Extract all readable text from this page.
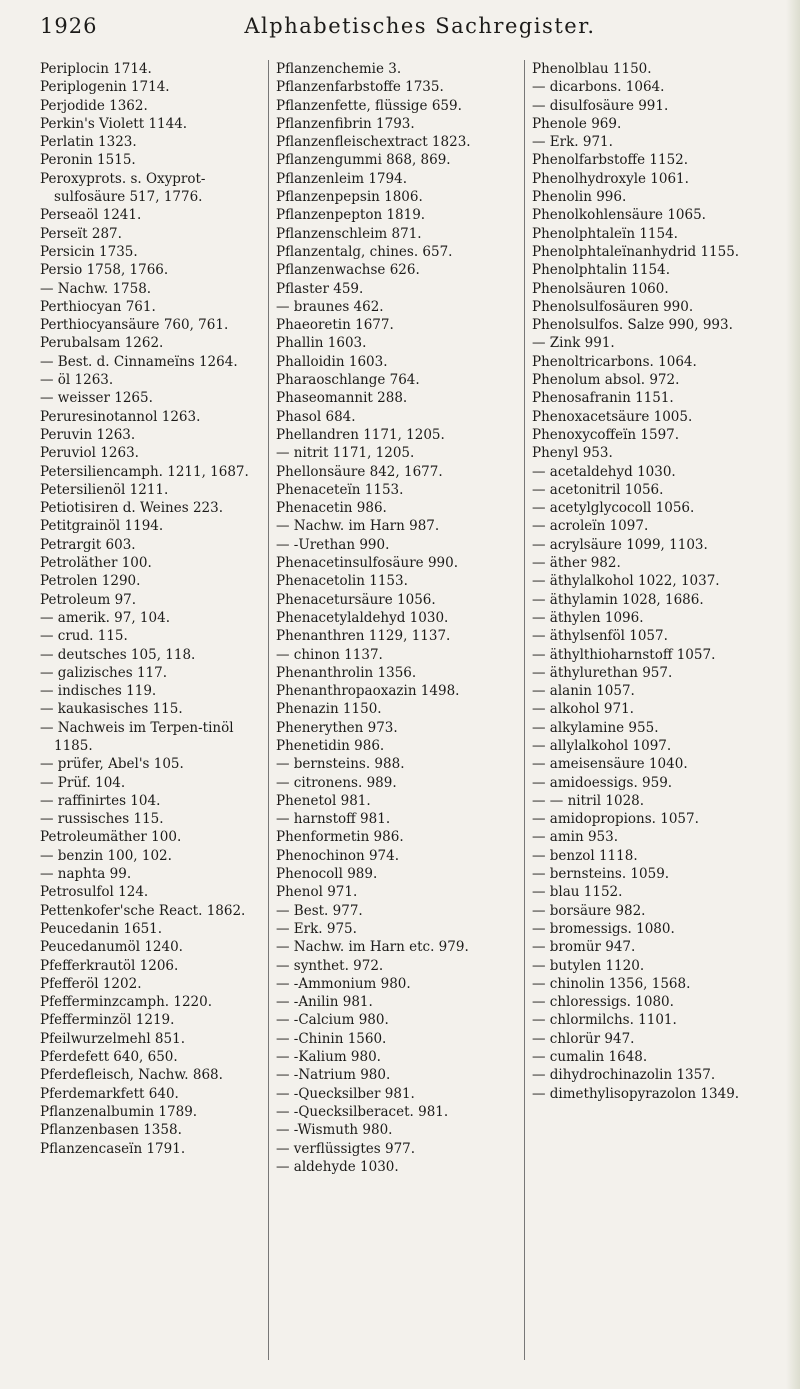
1926	Alphabetisches Sachregister.

Periplocin 1714.

Periplogenin 1714.

Perjodide 1362.

Perkin's Violett 1144.

Perlatin 1323.

Peronin 1515.

Peroxyprots. s. Oxyprot-sulfosäure 517, 1776.

Perseaöl 1241.

Perseït 287.

Persicin 1735.

Persio 1758, 1766.

— Nachw. 1758.

Perthiocyan 761.

Perthiocyansäure 760, 761.

Perubalsam 1262.

— Best. d. Cinnameïns 1264.

— öl 1263.

— weisser 1265.

Peruresinotannol 1263.

Peruvin 1263.

Peruviol 1263.

Petersiliencamph. 1211, 1687.

Petersilienöl 1211.

Petiotisiren d. Weines 223.

Petitgrainöl 1194.

Petrargit 603.

Petroläther 100.

Petrolen 1290.

Petroleum 97.

— amerik. 97, 104.

— crud. 115.

— deutsches 105, 118.

— galizisches 117.

— indisches 119.

— kaukasisches 115.

— Nachweis im Terpen-tinöl 1185.

— prüfer, Abel's 105.

— Prüf. 104.

— raffinirtes 104.

— russisches 115.

Petroleumäther 100.

— benzin 100, 102.

— naphta 99.

Petrosulfol 124.

Pettenkofer'sche React. 1862.

Peucedanin 1651.

Peucedanumöl 1240.

Pfefferkrautöl 1206.

Pfefferöl 1202.

Pfefferminzcamph. 1220.

Pfefferminzöl 1219.

Pfeilwurzelmehl 851.

Pferdefett 640, 650.

Pferdefleisch, Nachw. 868.

Pferdemarkfett 640.

Pflanzenalbumin 1789.

Pflanzenbasen 1358.

Pflanzencaseïn 1791.

Pflanzenchemie 3.

Pflanzenfarbstoffe 1735.

Pflanzenfette, flüssige 659.

Pflanzenfibrin 1793.

Pflanzenfleischextract 1823.

Pflanzengummi 868, 869.

Pflanzenleim 1794.

Pflanzenpepsin 1806.

Pflanzenpepton 1819.

Pflanzenschleim 871.

Pflanzentalg, chines. 657.

Pflanzenwachse 626.

Pflaster 459.

— braunes 462.

Phaeoretin 1677.

Phallin 1603.

Phalloidin 1603.

Pharaoschlange 764.

Phaseomannit 288.

Phasol 684.

Phellandren 1171, 1205.

— nitrit 1171, 1205.

Phellonsäure 842, 1677.

Phenaceteïn 1153.

Phenacetin 986.

— Nachw. im Harn 987.

— -Urethan 990.

Phenacetinsulfosäure 990.

Phenacetolin 1153.

Phenacetursäure 1056.

Phenacetylaldehyd 1030.

Phenanthren 1129, 1137.

— chinon 1137.

Phenanthrolin 1356.

Phenanthropaoxazin 1498.

Phenazin 1150.

Phenerythen 973.

Phenetidin 986.

— bernsteins. 988.

— citronens. 989.

Phenetol 981.

— harnstoff 981.

Phenformetin 986.

Phenochinon 974.

Phenocoll 989.

Phenol 971.

— Best. 977.

— Erk. 975.

— Nachw. im Harn etc. 979.

— synthet. 972.

— -Ammonium 980.

— -Anilin 981.

— -Calcium 980.

— -Chinin 1560.

— -Kalium 980.

— -Natrium 980.

— -Quecksilber 981.

— -Quecksilberacet. 981.

— -Wismuth 980.

— verflüssigtes 977.

— aldehyde 1030.

Phenolblau 1150.

— dicarbons. 1064.

— disulfosäure 991.

Phenole 969.

— Erk. 971.

Phenolfarbstoffe 1152.

Phenolhydroxyle 1061.

Phenolin 996.

Phenolkohlensäure 1065.

Phenolphtaleïn 1154.

Phenolphtaleïnanhydrid 1155.

Phenolphtalin 1154.

Phenolsäuren 1060.

Phenolsulfosäuren 990.

Phenolsulfos. Salze 990, 993.

— Zink 991.

Phenoltricarbons. 1064.

Phenolum absol. 972.

Phenosafranin 1151.

Phenoxacetsäure 1005.

Phenoxycoffeïn 1597.

Phenyl 953.

— acetaldehyd 1030.

— acetonitril 1056.

— acetylglycocoll 1056.

— acroleïn 1097.

— acrylsäure 1099, 1103.

— äther 982.

— äthylalkohol 1022, 1037.

— äthylamin 1028, 1686.

— äthylen 1096.

— äthylsenföl 1057.

— äthylthioharnstoff 1057.

— äthylurethan 957.

— alanin 1057.

— alkohol 971.

— alkylamine 955.

— allylalkohol 1097.

— ameisensäure 1040.

— amidoessigs. 959.

— — nitril 1028.

— amidopropions. 1057.

— amin 953.

— benzol 1118.

— bernsteins. 1059.

— blau 1152.

— borsäure 982.

— bromessigs. 1080.

— bromür 947.

— butylen 1120.

— chinolin 1356, 1568.

— chloressigs. 1080.

— chlormilchs. 1101.

— chlorür 947.

— cumalin 1648.

— dihydrochinazolin 1357.

— dimethylisopyrazolon 1349.
